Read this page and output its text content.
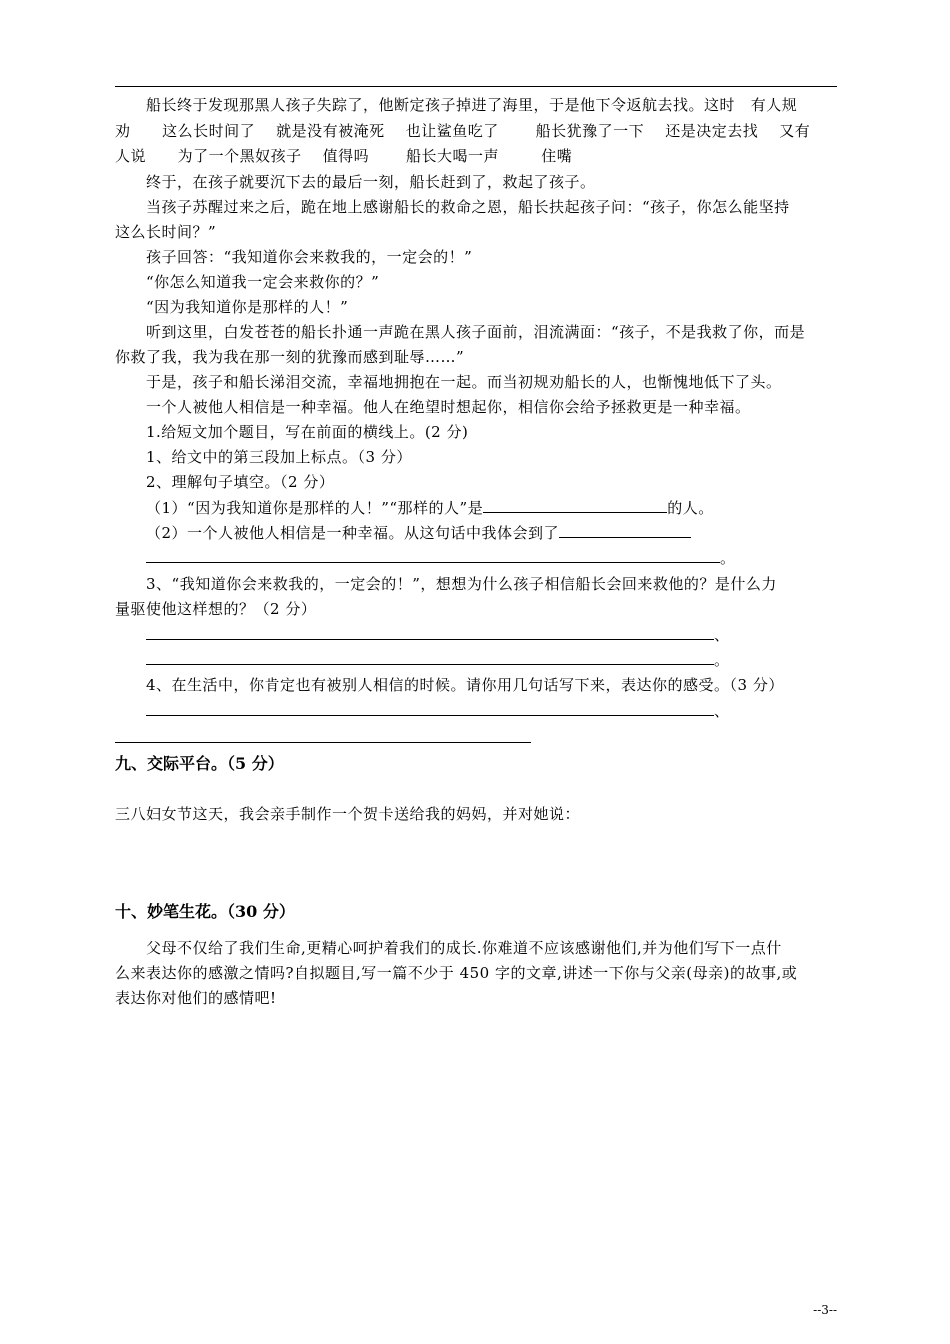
船长终于发现那黑人孩子失踪了，他断定孩子掉进了海里，于是他下令返航去找。这时   有人规
劝      这么长时间了    就是没有被淹死    也让鲨鱼吃了       船长犹豫了一下    还是决定去找    又有
人说      为了一个黑奴孩子    值得吗       船长大喝一声        住嘴
终于，在孩子就要沉下去的最后一刻，船长赶到了，救起了孩子。
当孩子苏醒过来之后，跪在地上感谢船长的救命之恩，船长扶起孩子问：“孩子，你怎么能坚持
这么长时间？”
孩子回答：“我知道你会来救我的，一定会的！”
“你怎么知道我一定会来救你的？”
“因为我知道你是那样的人！”
听到这里，白发苍苍的船长扑通一声跪在黑人孩子面前，泪流满面：“孩子，不是我救了你，而是
你救了我，我为我在那一刻的犹豫而感到耻辱……”
于是，孩子和船长涕泪交流，幸福地拥抱在一起。而当初规劝船长的人，也惭愧地低下了头。
一个人被他人相信是一种幸福。他人在绝望时想起你，相信你会给予拯救更是一种幸福。
1.给短文加个题目，写在前面的横线上。(2 分)
1、给文中的第三段加上标点。（3 分）
2、理解句子填空。（2 分）
（1）“因为我知道你是那样的人！”“那样的人”是	的人。
（2）一个人被他人相信是一种幸福。从这句话中我体会到了
。
3、“我知道你会来救我的，一定会的！”，想想为什么孩子相信船长会回来救他的？是什么力
量驱使他这样想的？（2 分）
、
。
4、在生活中，你肯定也有被别人相信的时候。请你用几句话写下来，表达你的感受。（3 分）
、
九、交际平台。（5 分）
三八妇女节这天，我会亲手制作一个贺卡送给我的妈妈，并对她说：
十、妙笔生花。（30 分）
父母不仅给了我们生命,更精心呵护着我们的成长.你难道不应该感谢他们,并为他们写下一点什
么来表达你的感激之情吗?自拟题目,写一篇不少于 450 字的文章,讲述一下你与父亲(母亲)的故事,或
表达你对他们的感情吧!
--3--
